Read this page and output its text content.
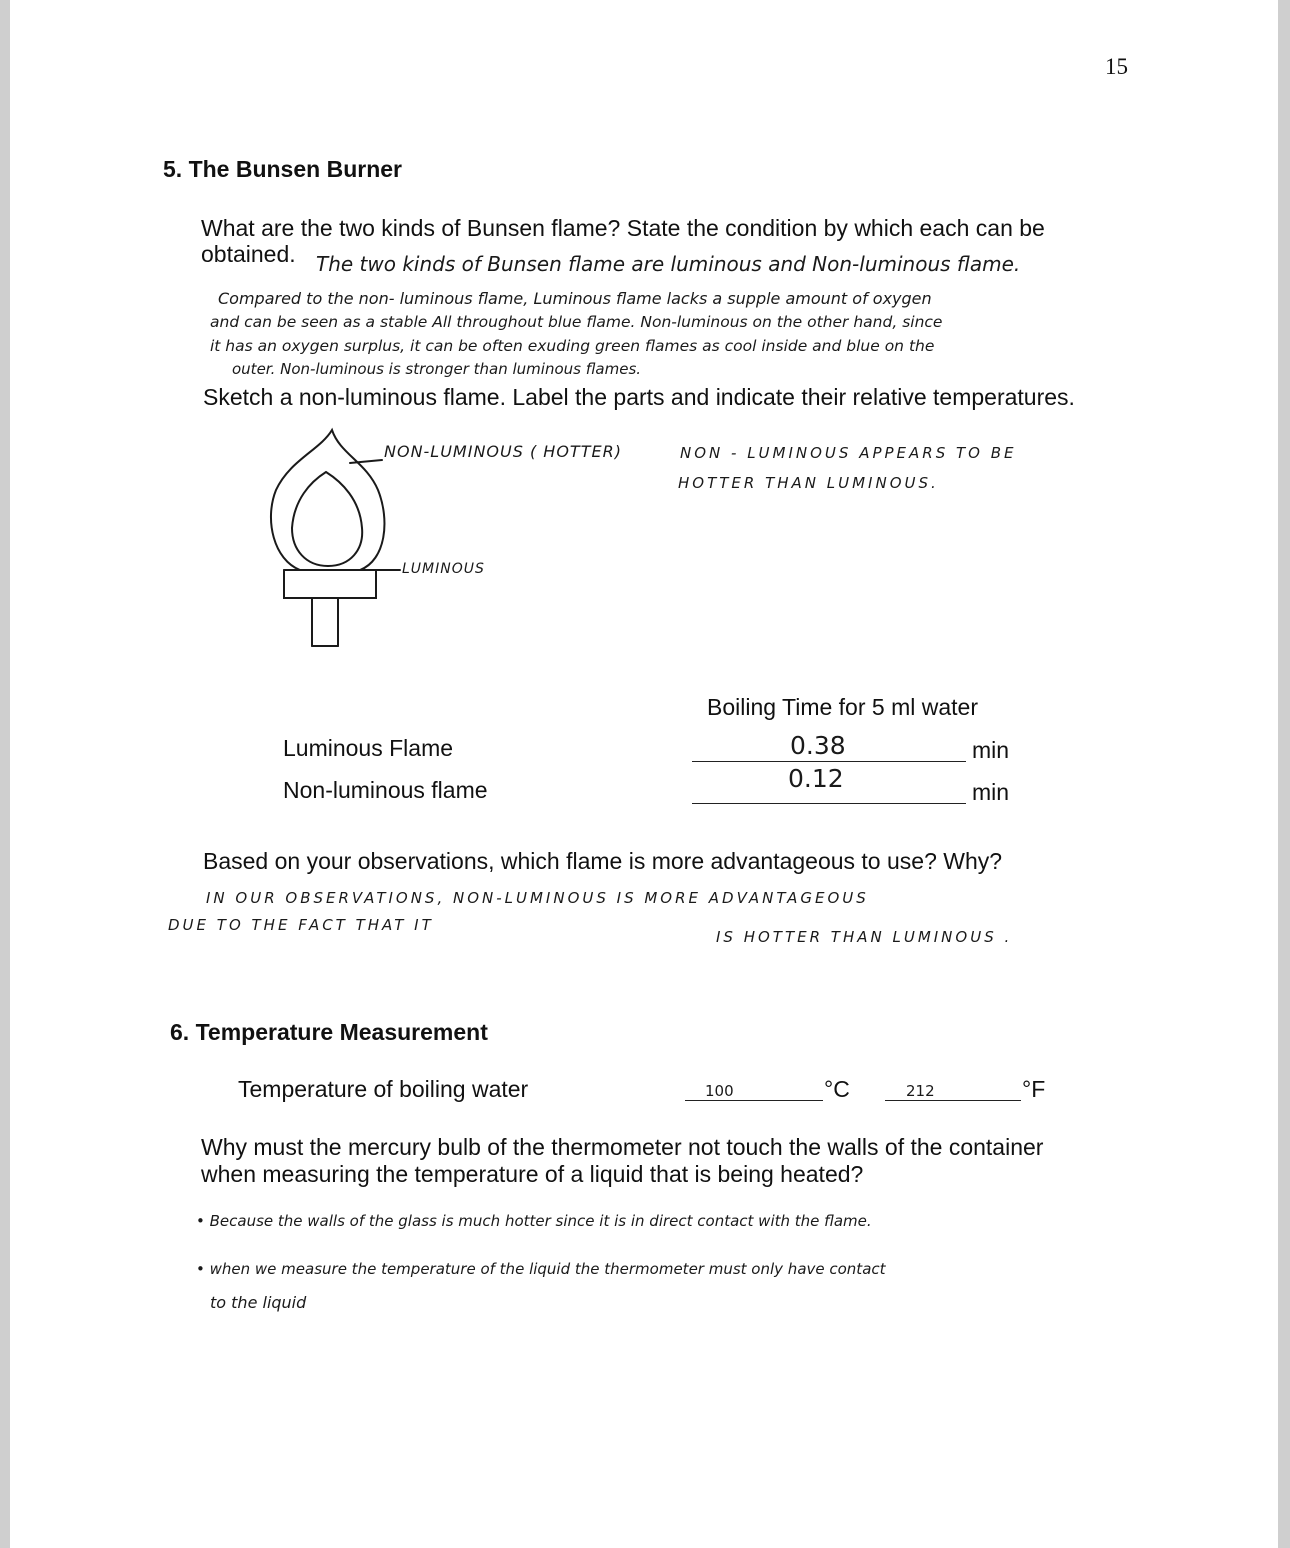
15
5. The Bunsen Burner
What are the two kinds of Bunsen flame? State the condition by which each can be
obtained. The two kinds of Bunsen flame are luminous and Non-luminous flame.
Compared to the non- luminous flame, Luminous flame lacks a supple amount of oxygen
and can be seen as a stable All throughout blue flame. Non-luminous on the other hand, since
it has an oxygen surplus, it can be often exuding green flames as cool inside and blue on the
outer. Non-luminous is stronger than luminous flames.
Sketch a non-luminous flame. Label the parts and indicate their relative temperatures.
NON-LUMINOUS ( HOTTER)
LUMINOUS
NON - LUMINOUS APPEARS TO BE
HOTTER THAN LUMINOUS.
Boiling Time for 5 ml water
Luminous Flame	0.38	min
Non-luminous flame	0.12	min
Based on your observations, which flame is more advantageous to use? Why?
IN OUR OBSERVATIONS, NON-LUMINOUS IS MORE ADVANTAGEOUS
DUE TO THE FACT THAT IT
IS HOTTER THAN LUMINOUS .
6. Temperature Measurement
Temperature of boiling water	100	°C	212	°F
Why must the mercury bulb of the thermometer not touch the walls of the container
when measuring the temperature of a liquid that is being heated?
• Because the walls of the glass is much hotter since it is in direct contact with the flame.
• when we measure the temperature of the liquid the thermometer must only have contact
to the liquid
